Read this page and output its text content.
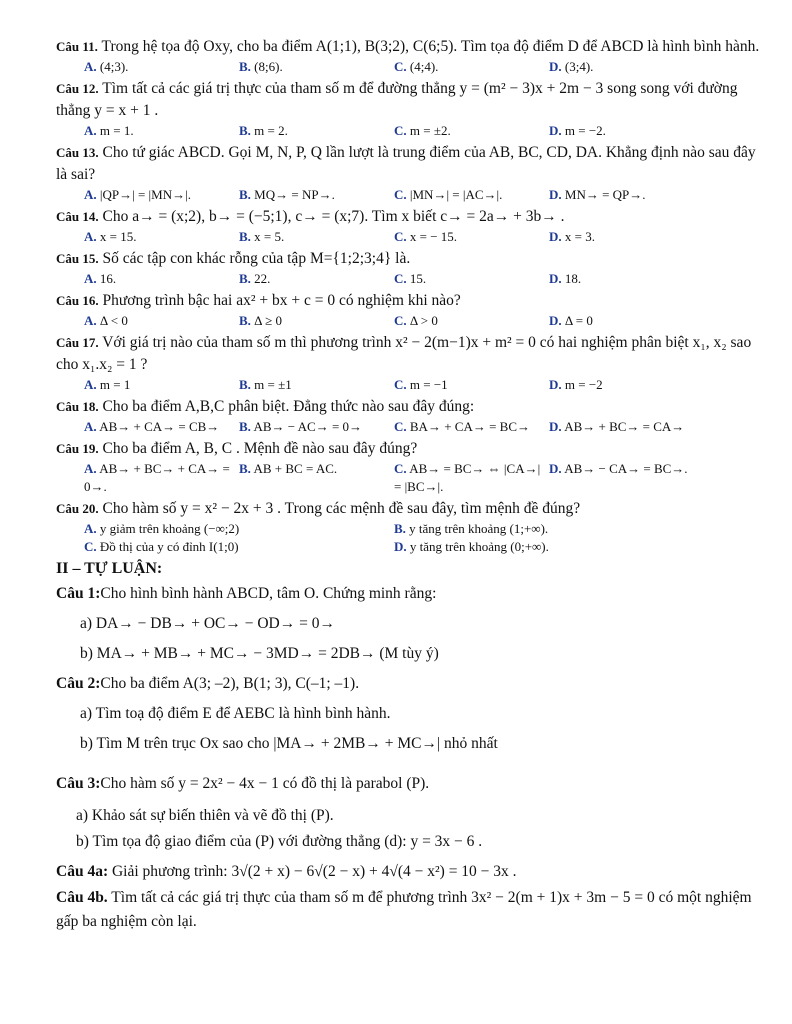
Câu 11. Trong hệ tọa độ Oxy, cho ba điểm A(1;1), B(3;2), C(6;5). Tìm tọa độ điểm D để ABCD là hình bình hành.
A. (4;3).	B. (8;6).	C. (4;4).	D. (3;4).
Câu 12. Tìm tất cả các giá trị thực của tham số m để đường thẳng y = (m² − 3)x + 2m − 3 song song với đường thẳng y = x + 1 .
A. m = 1.	B. m = 2.	C. m = ±2.	D. m = −2.
Câu 13. Cho tứ giác ABCD. Gọi M, N, P, Q lần lượt là trung điểm của AB, BC, CD, DA. Khẳng định nào sau đây là sai?
A. |QP→| = |MN→|.	B. MQ→ = NP→.	C. |MN→| = |AC→|.	D. MN→ = QP→.
Câu 14. Cho a→ = (x;2), b→ = (−5;1), c→ = (x;7). Tìm x biết c→ = 2a→ + 3b→ .
A. x = 15.	B. x = 5.	C. x = − 15.	D. x = 3.
Câu 15. Số các tập con khác rỗng của tập M={1;2;3;4} là.
A. 16.	B. 22.	C. 15.	D. 18.
Câu 16. Phương trình bậc hai ax² + bx + c = 0 có nghiệm khi nào?
A. Δ < 0	B. Δ ≥ 0	C. Δ > 0	D. Δ = 0
Câu 17. Với giá trị nào của tham số m thì phương trình x² − 2(m−1)x + m² = 0 có hai nghiệm phân biệt x₁, x₂ sao cho x₁.x₂ = 1 ?
A. m = 1	B. m = ±1	C. m = −1	D. m = −2
Câu 18. Cho ba điểm A,B,C phân biệt. Đẳng thức nào sau đây đúng:
A. AB→ + CA→ = CB→	B. AB→ − AC→ = 0→	C. BA→ + CA→ = BC→	D. AB→ + BC→ = CA→
Câu 19. Cho ba điểm A, B, C . Mệnh đề nào sau đây đúng?
A. AB→ + BC→ + CA→ = 0→.
B. AB + BC = AC.	C. AB→ = BC→ ⇔ |CA→| = |BC→|.
D. AB→ − CA→ = BC→.
Câu 20. Cho hàm số y = x² − 2x + 3 . Trong các mệnh đề sau đây, tìm mệnh đề đúng?
A. y giảm trên khoảng (−∞;2)	B. y tăng trên khoảng (1;+∞).
C. Đồ thị của y có đỉnh I(1;0)	D. y tăng trên khoảng (0;+∞).
II – TỰ LUẬN:
Câu 1:Cho hình bình hành ABCD, tâm O. Chứng minh rằng:
a) DA→ − DB→ + OC→ − OD→ = 0→
b) MA→ + MB→ + MC→ − 3MD→ = 2DB→ (M tùy ý)
Câu 2:Cho ba điểm A(3; –2), B(1; 3), C(–1; –1).
a) Tìm toạ độ điểm E để AEBC là hình bình hành.
b) Tìm M trên trục Ox sao cho |MA→ + 2MB→ + MC→| nhỏ nhất
Câu 3:Cho hàm số y = 2x² − 4x − 1 có đồ thị là parabol (P).
a) Khảo sát sự biến thiên và vẽ đồ thị (P).
b) Tìm tọa độ giao điểm của (P) với đường thẳng (d): y = 3x − 6 .
Câu 4a: Giải phương trình: 3√(2 + x) − 6√(2 − x) + 4√(4 − x²) = 10 − 3x .
Câu 4b. Tìm tất cả các giá trị thực của tham số m để phương trình 3x² − 2(m + 1)x + 3m − 5 = 0 có một nghiệm gấp ba nghiệm còn lại.
